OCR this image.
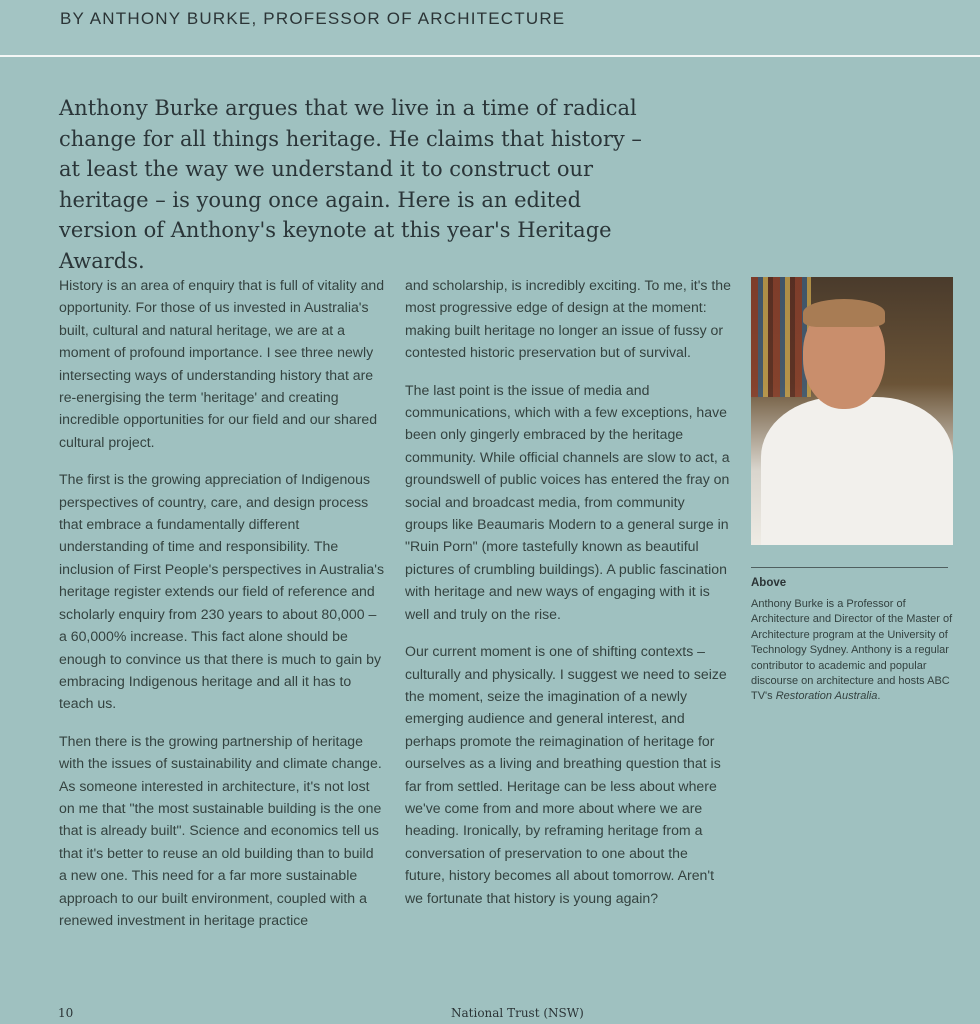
BY ANTHONY BURKE, PROFESSOR OF ARCHITECTURE
Anthony Burke argues that we live in a time of radical change for all things heritage. He claims that history – at least the way we understand it to construct our heritage – is young once again. Here is an edited version of Anthony's keynote at this year's Heritage Awards.

History is an area of enquiry that is full of vitality and opportunity. For those of us invested in Australia's built, cultural and natural heritage, we are at a moment of profound importance. I see three newly intersecting ways of understanding history that are re-energising the term 'heritage' and creating incredible opportunities for our field and our shared cultural project.

The first is the growing appreciation of Indigenous perspectives of country, care, and design process that embrace a fundamentally different understanding of time and responsibility. The inclusion of First People's perspectives in Australia's heritage register extends our field of reference and scholarly enquiry from 230 years to about 80,000 – a 60,000% increase. This fact alone should be enough to convince us that there is much to gain by embracing Indigenous heritage and all it has to teach us.

Then there is the growing partnership of heritage with the issues of sustainability and climate change. As someone interested in architecture, it's not lost on me that "the most sustainable building is the one that is already built". Science and economics tell us that it's better to reuse an old building than to build a new one. This need for a far more sustainable approach to our built environment, coupled with a renewed investment in heritage practice

and scholarship, is incredibly exciting. To me, it's the most progressive edge of design at the moment: making built heritage no longer an issue of fussy or contested historic preservation but of survival.

The last point is the issue of media and communications, which with a few exceptions, have been only gingerly embraced by the heritage community. While official channels are slow to act, a groundswell of public voices has entered the fray on social and broadcast media, from community groups like Beaumaris Modern to a general surge in "Ruin Porn" (more tastefully known as beautiful pictures of crumbling buildings). A public fascination with heritage and new ways of engaging with it is well and truly on the rise.

Our current moment is one of shifting contexts – culturally and physically. I suggest we need to seize the moment, seize the imagination of a newly emerging audience and general interest, and perhaps promote the reimagination of heritage for ourselves as a living and breathing question that is far from settled. Heritage can be less about where we've come from and more about where we are heading. Ironically, by reframing heritage from a conversation of preservation to one about the future, history becomes all about tomorrow. Aren't we fortunate that history is young again?

Above
Anthony Burke is a Professor of Architecture and Director of the Master of Architecture program at the University of Technology Sydney. Anthony is a regular contributor to academic and popular discourse on architecture and hosts ABC TV's Restoration Australia.
10	National Trust (NSW)
